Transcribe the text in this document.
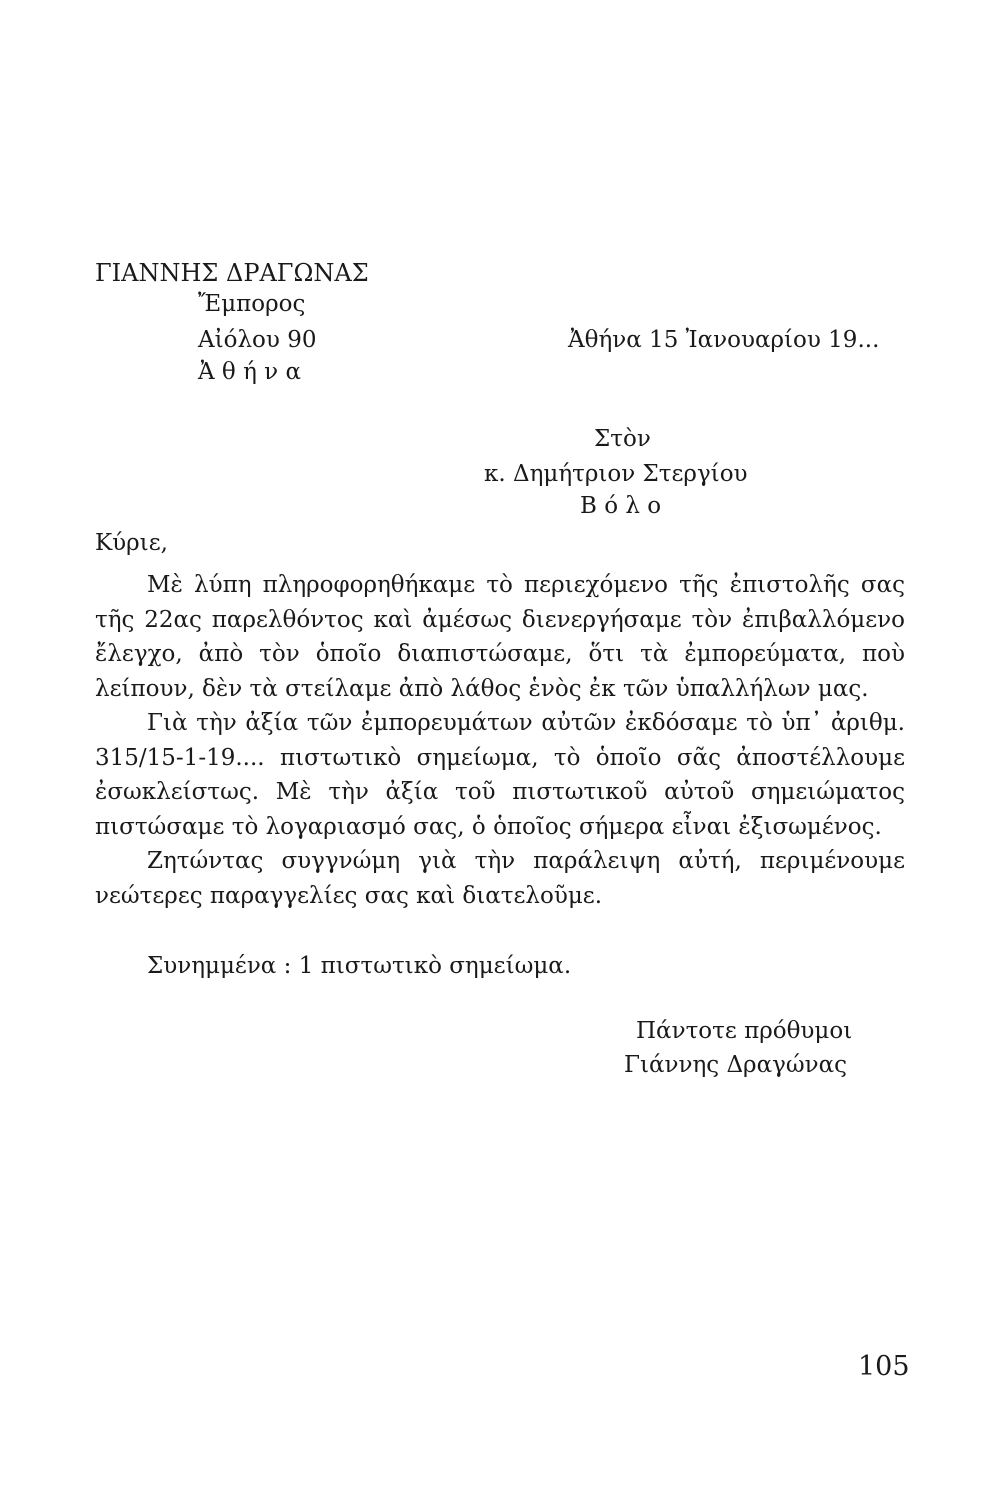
ΓΙΑΝΝΗΣ ΔΡΑΓΩΝΑΣ
Ἔμπορος
Αἰόλου 90
Ἀ θ ή ν α
Ἀθήνα 15 Ἰανουαρίου 19...
Στὸν
κ. Δημήτριον Στεργίου
Β ό λ ο
Κύριε,

Μὲ λύπη πληροφορηθήκαμε τὸ περιεχόμενο τῆς ἐπιστολῆς σας τῆς 22ας παρελθόντος καὶ ἀμέσως διενεργήσαμε τὸν ἐπιβαλλόμενο ἔλεγχο, ἀπὸ τὸν ὁποῖο διαπιστώσαμε, ὅτι τὰ ἐμπορεύματα, ποὺ λείπουν, δὲν τὰ στείλαμε ἀπὸ λάθος ἑνὸς ἐκ τῶν ὑπαλλήλων μας.

Γιὰ τὴν ἀξία τῶν ἐμπορευμάτων αὐτῶν ἐκδόσαμε τὸ ὑπ᾿ ἀριθμ. 315/15-1-19.... πιστωτικὸ σημείωμα, τὸ ὁποῖο σᾶς ἀποστέλλουμε ἐσωκλείστως. Μὲ τὴν ἀξία τοῦ πιστωτικοῦ αὐτοῦ σημειώματος πιστώσαμε τὸ λογαριασμό σας, ὁ ὁποῖος σήμερα εἶναι ἐξισωμένος.

Ζητώντας συγγνώμη γιὰ τὴν παράλειψη αὐτή, περιμένουμε νεώτερες παραγγελίες σας καὶ διατελοῦμε.

Συνημμένα : 1 πιστωτικὸ σημείωμα.
Πάντοτε πρόθυμοι
Γιάννης Δραγώνας
105
